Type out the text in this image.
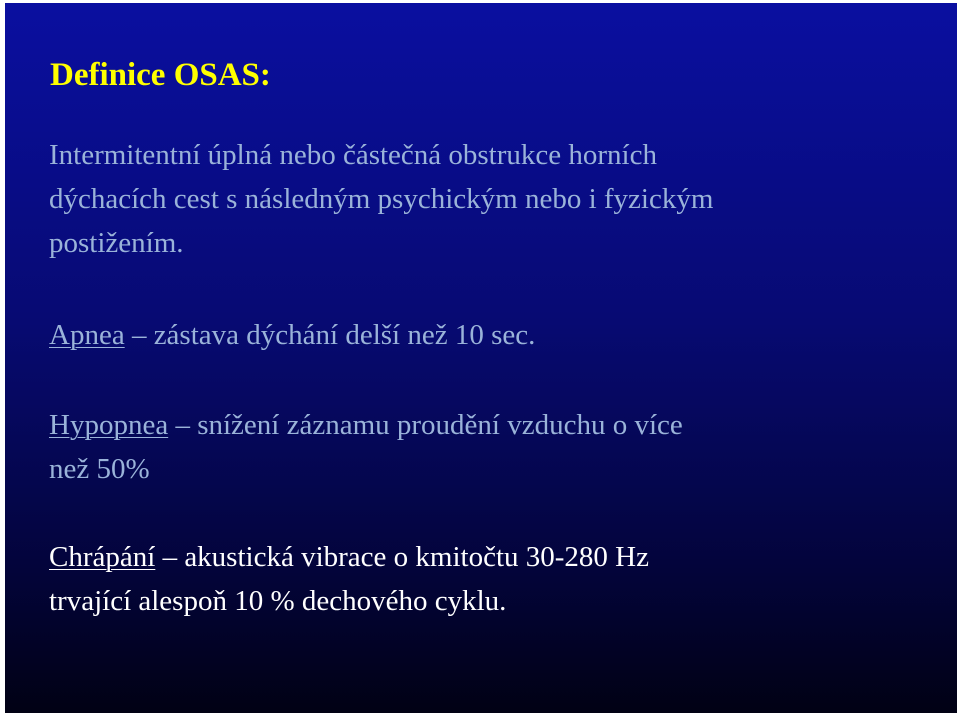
Definice OSAS:

Intermitentní úplná nebo částečná obstrukce horních
dýchacích cest s následným psychickým nebo i fyzickým
postižením.

Apnea – zástava dýchání delší než 10 sec.

Hypopnea – snížení záznamu proudění vzduchu o více
než 50%

Chrápání – akustická vibrace o kmitočtu 30-280 Hz
trvající alespoň 10 % dechového cyklu.
